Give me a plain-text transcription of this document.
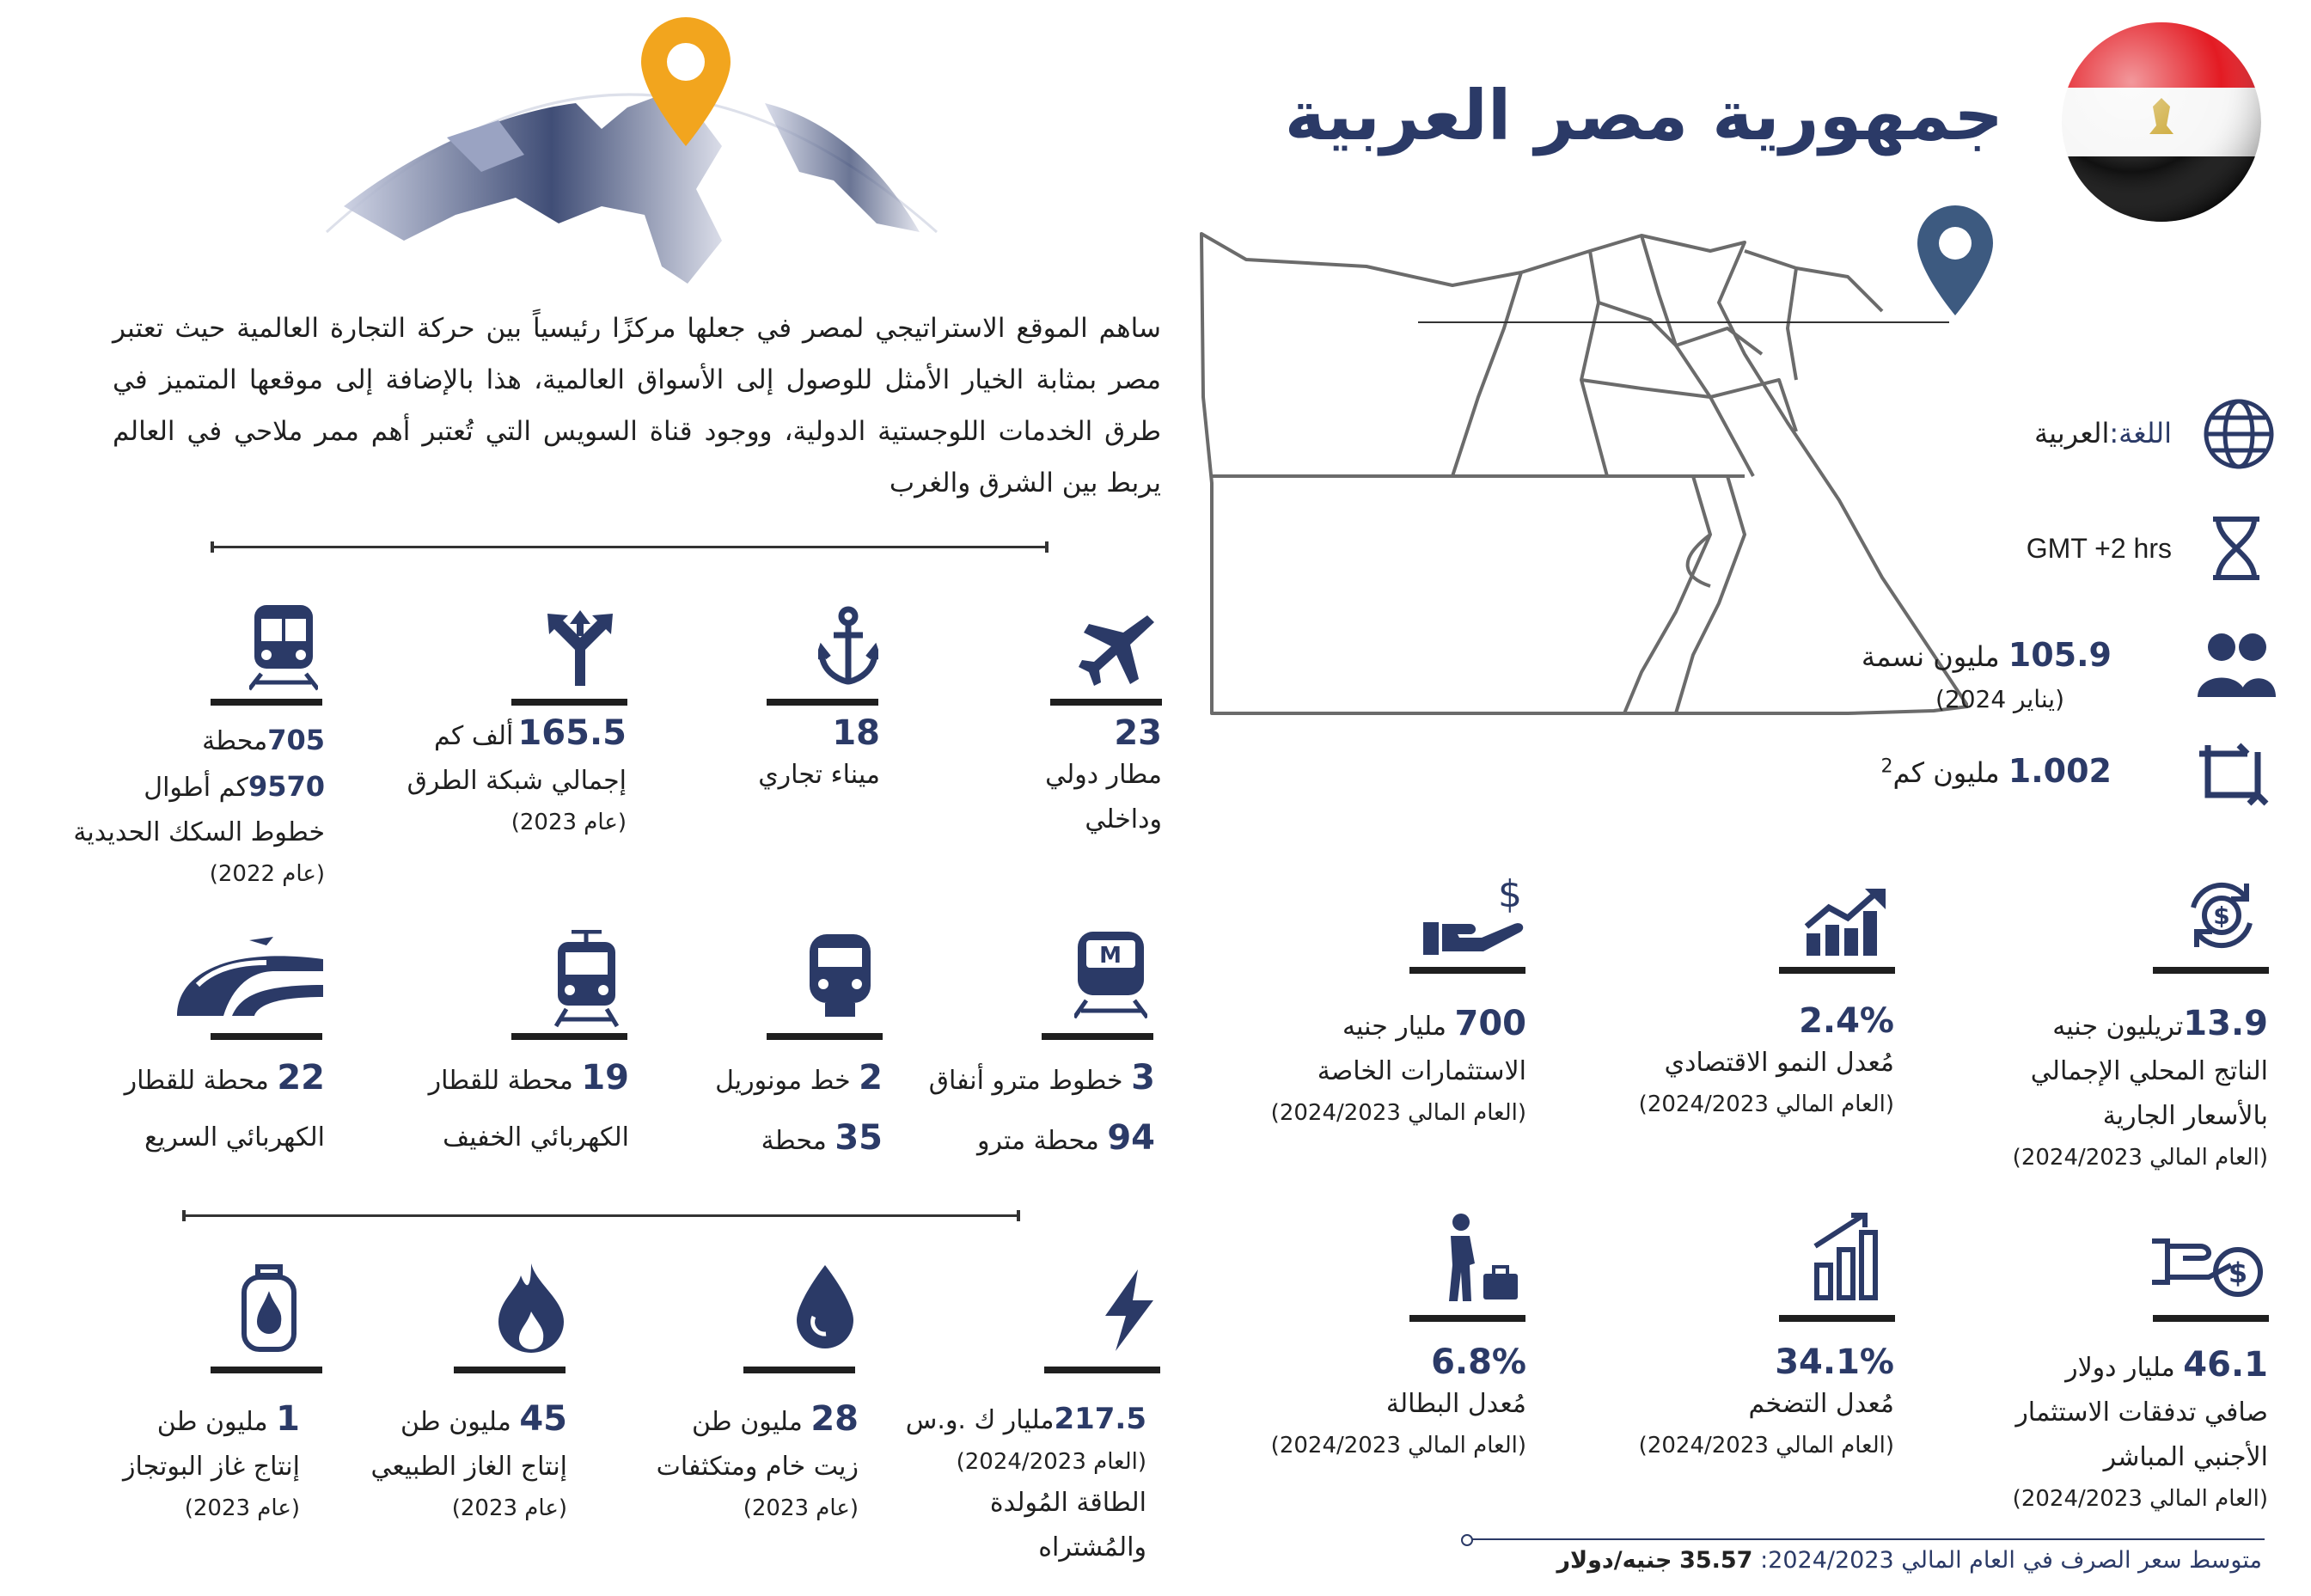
جمهورية مصر العربية
ساهم الموقع الاستراتيجي لمصر في جعلها مركزًا رئيسياً بين حركة التجارة العالمية حيث تعتبر مصر بمثابة الخيار الأمثل للوصول إلى الأسواق العالمية، هذا بالإضافة إلى موقعها المتميز في طرق الخدمات اللوجستية الدولية، ووجود قناة السويس التي تُعتبر أهم ممر ملاحي في العالم يربط بين الشرق والغرب
اللغة:العربية
GMT +2 hrs
105.9 مليون نسمة
(يناير 2024)
1.002 مليون كم$^2$
23
مطار دولي
وداخلي
18
ميناء تجاري
165.5 ألف كم
إجمالي شبكة الطرق
(عام 2023)
705محطة
9570كم أطوال
خطوط السكك الحديدية
(عام 2022)
M
3 خطوط مترو أنفاق
94 محطة مترو
2 خط مونوريل
35 محطة
19 محطة للقطار
الكهربائي الخفيف
22 محطة للقطار
الكهربائي السريع
217.5مليار ك .و.س
(العام 2024/2023)
الطاقة المُولدة
والمُشتراه
28 مليون طن
زيت خام ومتكثفات
(عام 2023)
45 مليون طن
إنتاج الغاز الطبيعي
(عام 2023)
1 مليون طن
إنتاج غاز البوتجاز
(عام 2023)
$
$
13.9تريليون جنيه
الناتج المحلي الإجمالي
بالأسعار الجارية
(العام المالي 2024/2023)
2.4%
مُعدل النمو الاقتصادي
(العام المالي 2024/2023)
700 مليار جنيه
الاستثمارات الخاصة
(العام المالي 2024/2023)
$
46.1 مليار دولار
صافي تدفقات الاستثمار
الأجنبي المباشر
(العام المالي 2024/2023)
34.1%
مُعدل التضخم
(العام المالي 2024/2023)
6.8%
مُعدل البطالة
(العام المالي 2024/2023)
متوسط سعر الصرف في العام المالي 2024/2023: 35.57 جنيه/دولار
